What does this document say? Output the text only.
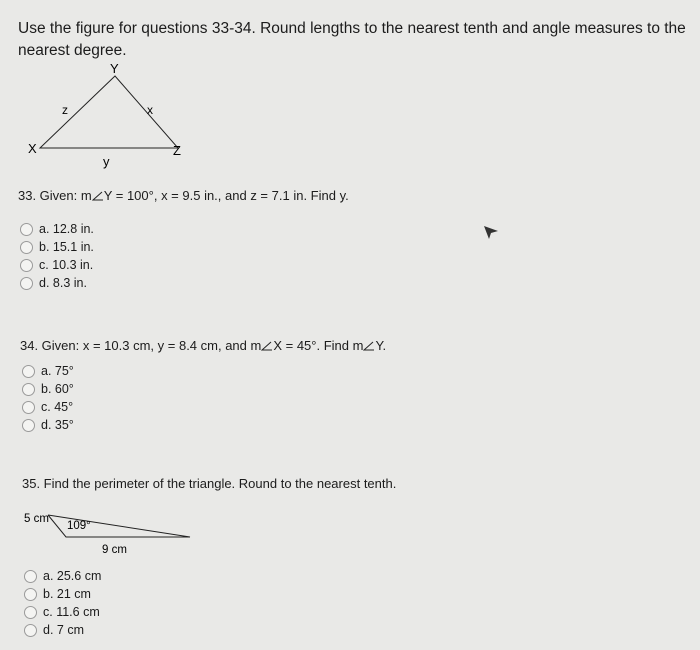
Use the figure for questions 33-34. Round lengths to the nearest tenth and angle measures to the nearest degree.
Y
X	Z
z	x
y
33. Given: m Y = 100°, x = 9.5 in., and z = 7.1 in. Find y.
a. 12.8 in.
b. 15.1 in.
c. 10.3 in.
d. 8.3 in.
34. Given: x = 10.3 cm, y = 8.4 cm, and m X = 45°. Find m Y.
a. 75°
b. 60°
c. 45°
d. 35°
35. Find the perimeter of the triangle. Round to the nearest tenth.
5 cm
109°
9 cm
a. 25.6 cm
b. 21 cm
c. 11.6 cm
d. 7 cm
